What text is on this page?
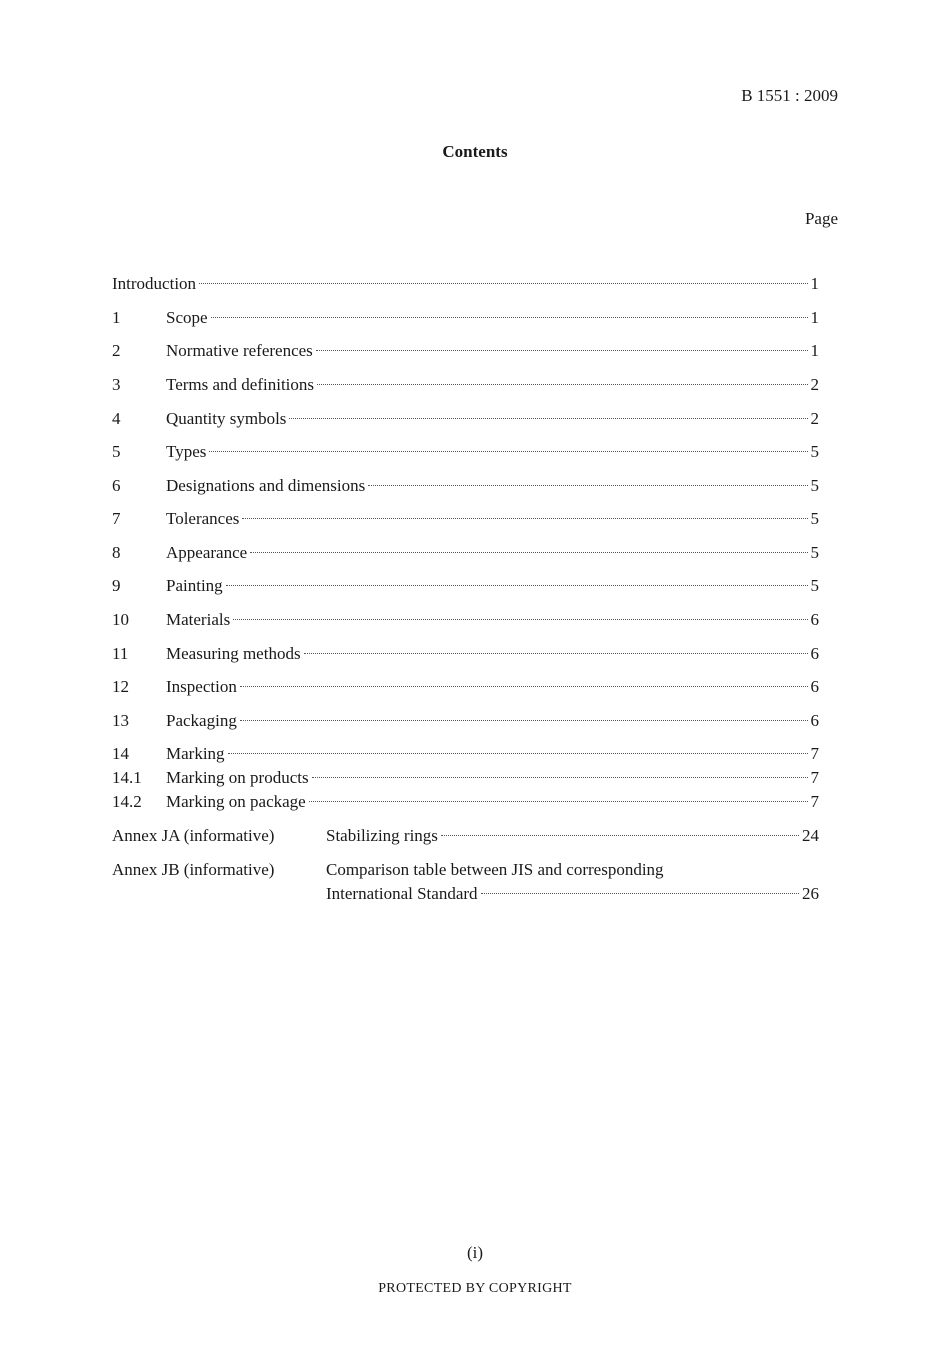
B 1551 : 2009
Contents
Page
Introduction	1
1	Scope	1
2	Normative references	1
3	Terms and definitions	2
4	Quantity symbols	2
5	Types	5
6	Designations and dimensions	5
7	Tolerances	5
8	Appearance	5
9	Painting	5
10	Materials	6
11	Measuring methods	6
12	Inspection	6
13	Packaging	6
14	Marking	7
14.1	Marking on products	7
14.2	Marking on package	7
Annex JA (informative)	Stabilizing rings	24
Annex JB (informative)	Comparison table between JIS and corresponding
International Standard	26
(i)
PROTECTED BY COPYRIGHT
